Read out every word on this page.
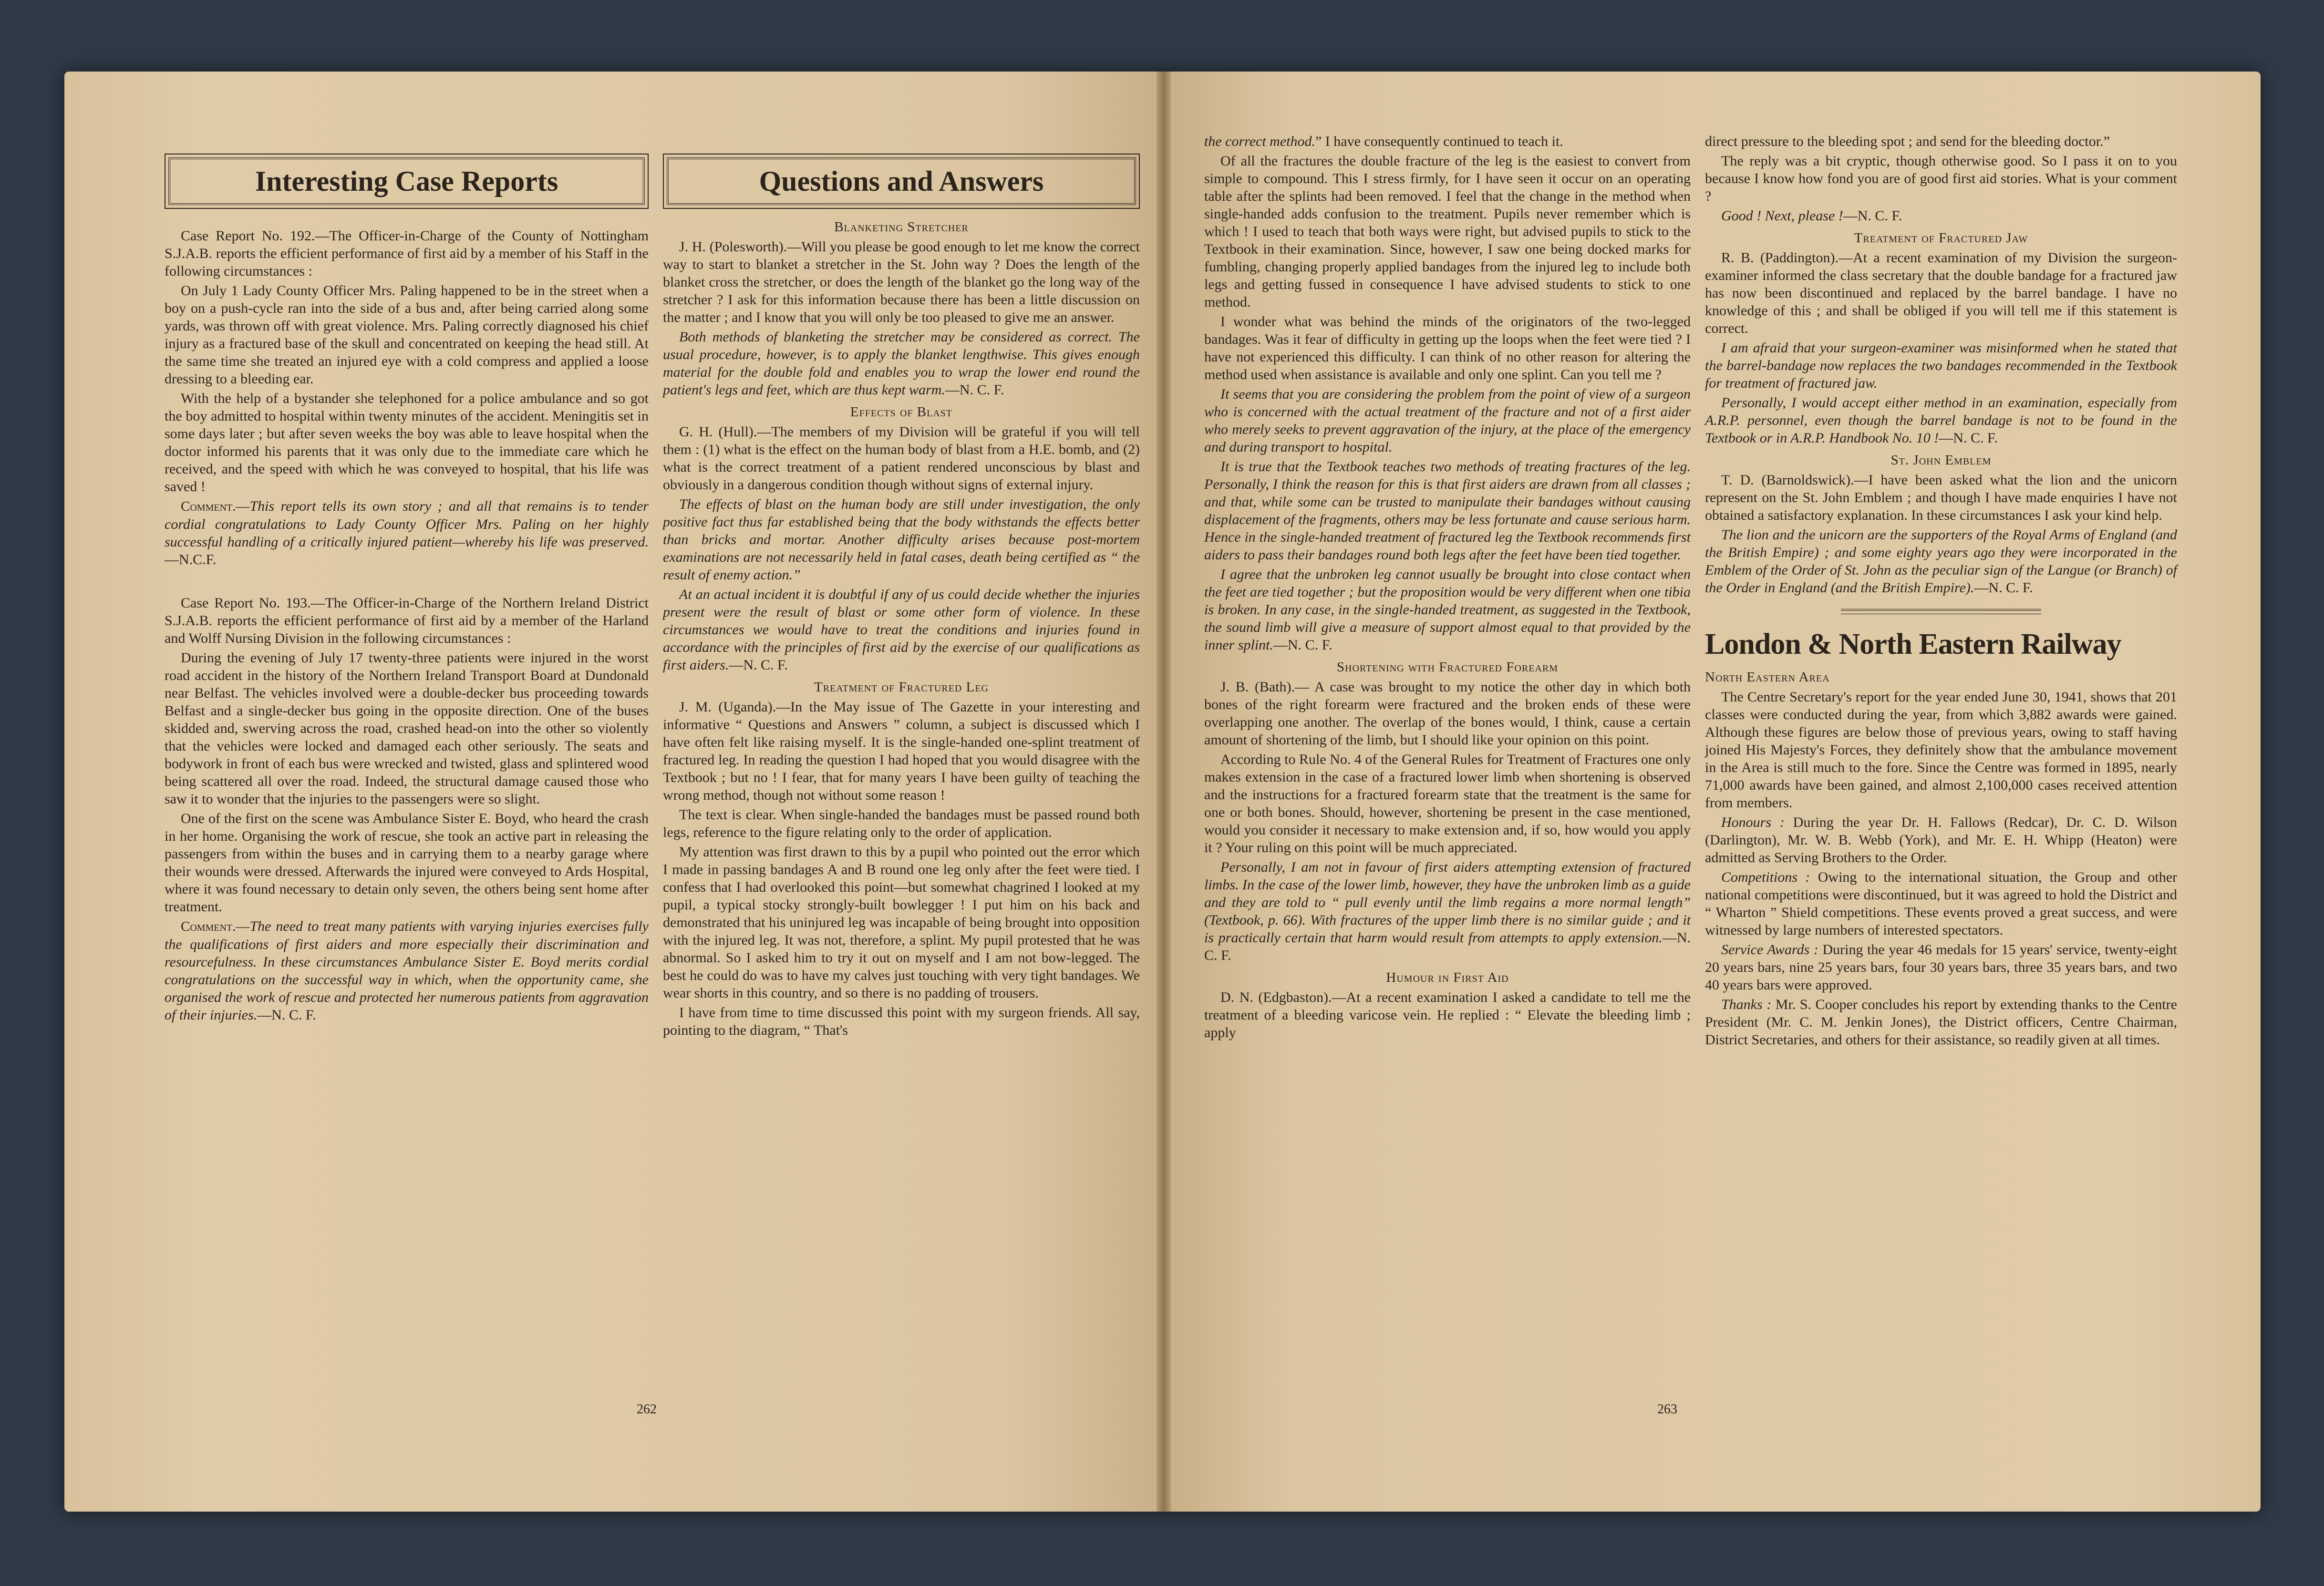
Interesting Case Reports

Case Report No. 192.—The Officer-in-Charge of the County of Nottingham S.J.A.B. reports the efficient performance of first aid by a member of his Staff in the following circumstances :

On July 1 Lady County Officer Mrs. Paling happened to be in the street when a boy on a push-cycle ran into the side of a bus and, after being carried along some yards, was thrown off with great violence. Mrs. Paling correctly diagnosed his chief injury as a fractured base of the skull and concentrated on keeping the head still. At the same time she treated an injured eye with a cold compress and applied a loose dressing to a bleeding ear.

With the help of a bystander she telephoned for a police ambulance and so got the boy admitted to hospital within twenty minutes of the accident. Meningitis set in some days later ; but after seven weeks the boy was able to leave hospital when the doctor informed his parents that it was only due to the immediate care which he received, and the speed with which he was conveyed to hospital, that his life was saved !

Comment.—This report tells its own story ; and all that remains is to tender cordial congratulations to Lady County Officer Mrs. Paling on her highly successful handling of a critically injured patient—whereby his life was preserved.—N.C.F.

Case Report No. 193.—The Officer-in-Charge of the Northern Ireland District S.J.A.B. reports the efficient performance of first aid by a member of the Harland and Wolff Nursing Division in the following circumstances :

During the evening of July 17 twenty-three patients were injured in the worst road accident in the history of the Northern Ireland Transport Board at Dundonald near Belfast. The vehicles involved were a double-decker bus proceeding towards Belfast and a single-decker bus going in the opposite direction. One of the buses skidded and, swerving across the road, crashed head-on into the other so violently that the vehicles were locked and damaged each other seriously. The seats and bodywork in front of each bus were wrecked and twisted, glass and splintered wood being scattered all over the road. Indeed, the structural damage caused those who saw it to wonder that the injuries to the passengers were so slight.

One of the first on the scene was Ambulance Sister E. Boyd, who heard the crash in her home. Organising the work of rescue, she took an active part in releasing the passengers from within the buses and in carrying them to a nearby garage where their wounds were dressed. Afterwards the injured were conveyed to Ards Hospital, where it was found necessary to detain only seven, the others being sent home after treatment.

Comment.—The need to treat many patients with varying injuries exercises fully the qualifications of first aiders and more especially their discrimination and resourcefulness. In these circumstances Ambulance Sister E. Boyd merits cordial congratulations on the successful way in which, when the opportunity came, she organised the work of rescue and protected her numerous patients from aggravation of their injuries.—N. C. F.

Questions and Answers
Blanketing Stretcher

J. H. (Polesworth).—Will you please be good enough to let me know the correct way to start to blanket a stretcher in the St. John way ? Does the length of the blanket cross the stretcher, or does the length of the blanket go the long way of the stretcher ? I ask for this information because there has been a little discussion on the matter ; and I know that you will only be too pleased to give me an answer.

Both methods of blanketing the stretcher may be considered as correct. The usual procedure, however, is to apply the blanket lengthwise. This gives enough material for the double fold and enables you to wrap the lower end round the patient's legs and feet, which are thus kept warm.—N. C. F.

Effects of Blast

G. H. (Hull).—The members of my Division will be grateful if you will tell them : (1) what is the effect on the human body of blast from a H.E. bomb, and (2) what is the correct treatment of a patient rendered unconscious by blast and obviously in a dangerous condition though without signs of external injury.

The effects of blast on the human body are still under investigation, the only positive fact thus far established being that the body withstands the effects better than bricks and mortar. Another difficulty arises because post-mortem examinations are not necessarily held in fatal cases, death being certified as “ the result of enemy action.”

At an actual incident it is doubtful if any of us could decide whether the injuries present were the result of blast or some other form of violence. In these circumstances we would have to treat the conditions and injuries found in accordance with the principles of first aid by the exercise of our qualifications as first aiders.—N. C. F.

Treatment of Fractured Leg

J. M. (Uganda).—In the May issue of The Gazette in your interesting and informative “ Questions and Answers ” column, a subject is discussed which I have often felt like raising myself. It is the single-handed one-splint treatment of fractured leg. In reading the question I had hoped that you would disagree with the Textbook ; but no ! I fear, that for many years I have been guilty of teaching the wrong method, though not without some reason !

The text is clear. When single-handed the bandages must be passed round both legs, reference to the figure relating only to the order of application.

My attention was first drawn to this by a pupil who pointed out the error which I made in passing bandages A and B round one leg only after the feet were tied. I confess that I had overlooked this point—but somewhat chagrined I looked at my pupil, a typical stocky strongly-built bowlegger ! I put him on his back and demonstrated that his uninjured leg was incapable of being brought into opposition with the injured leg. It was not, therefore, a splint. My pupil protested that he was abnormal. So I asked him to try it out on myself and I am not bow-legged. The best he could do was to have my calves just touching with very tight bandages. We wear shorts in this country, and so there is no padding of trousers.

I have from time to time discussed this point with my surgeon friends. All say, pointing to the diagram, “ That's

262

the correct method.” I have consequently continued to teach it.

Of all the fractures the double fracture of the leg is the easiest to convert from simple to compound. This I stress firmly, for I have seen it occur on an operating table after the splints had been removed. I feel that the change in the method when single-handed adds confusion to the treatment. Pupils never remember which is which ! I used to teach that both ways were right, but advised pupils to stick to the Textbook in their examination. Since, however, I saw one being docked marks for fumbling, changing properly applied bandages from the injured leg to include both legs and getting fussed in consequence I have advised students to stick to one method.

I wonder what was behind the minds of the originators of the two-legged bandages. Was it fear of difficulty in getting up the loops when the feet were tied ? I have not experienced this difficulty. I can think of no other reason for altering the method used when assistance is available and only one splint. Can you tell me ?

It seems that you are considering the problem from the point of view of a surgeon who is concerned with the actual treatment of the fracture and not of a first aider who merely seeks to prevent aggravation of the injury, at the place of the emergency and during transport to hospital.

It is true that the Textbook teaches two methods of treating fractures of the leg. Personally, I think the reason for this is that first aiders are drawn from all classes ; and that, while some can be trusted to manipulate their bandages without causing displacement of the fragments, others may be less fortunate and cause serious harm. Hence in the single-handed treatment of fractured leg the Textbook recommends first aiders to pass their bandages round both legs after the feet have been tied together.

I agree that the unbroken leg cannot usually be brought into close contact when the feet are tied together ; but the proposition would be very different when one tibia is broken. In any case, in the single-handed treatment, as suggested in the Textbook, the sound limb will give a measure of support almost equal to that provided by the inner splint.—N. C. F.

Shortening with Fractured Forearm

J. B. (Bath).— A case was brought to my notice the other day in which both bones of the right forearm were fractured and the broken ends of these were overlapping one another. The overlap of the bones would, I think, cause a certain amount of shortening of the limb, but I should like your opinion on this point.

According to Rule No. 4 of the General Rules for Treatment of Fractures one only makes extension in the case of a fractured lower limb when shortening is observed and the instructions for a fractured forearm state that the treatment is the same for one or both bones. Should, however, shortening be present in the case mentioned, would you consider it necessary to make extension and, if so, how would you apply it ? Your ruling on this point will be much appreciated.

Personally, I am not in favour of first aiders attempting extension of fractured limbs. In the case of the lower limb, however, they have the unbroken limb as a guide and they are told to “ pull evenly until the limb regains a more normal length” (Textbook, p. 66). With fractures of the upper limb there is no similar guide ; and it is practically certain that harm would result from attempts to apply extension.—N. C. F.

Humour in First Aid

D. N. (Edgbaston).—At a recent examination I asked a candidate to tell me the treatment of a bleeding varicose vein. He replied : “ Elevate the bleeding limb ; apply

direct pressure to the bleeding spot ; and send for the bleeding doctor.”

The reply was a bit cryptic, though otherwise good. So I pass it on to you because I know how fond you are of good first aid stories. What is your comment ?

Good ! Next, please !—N. C. F.

Treatment of Fractured Jaw

R. B. (Paddington).—At a recent examination of my Division the surgeon-examiner informed the class secretary that the double bandage for a fractured jaw has now been discontinued and replaced by the barrel bandage. I have no knowledge of this ; and shall be obliged if you will tell me if this statement is correct.

I am afraid that your surgeon-examiner was misinformed when he stated that the barrel-bandage now replaces the two bandages recommended in the Textbook for treatment of fractured jaw.

Personally, I would accept either method in an examination, especially from A.R.P. personnel, even though the barrel bandage is not to be found in the Textbook or in A.R.P. Handbook No. 10 !—N. C. F.

St. John Emblem

T. D. (Barnoldswick).—I have been asked what the lion and the unicorn represent on the St. John Emblem ; and though I have made enquiries I have not obtained a satisfactory explanation. In these circumstances I ask your kind help.

The lion and the unicorn are the supporters of the Royal Arms of England (and the British Empire) ; and some eighty years ago they were incorporated in the Emblem of the Order of St. John as the peculiar sign of the Langue (or Branch) of the Order in England (and the British Empire).—N. C. F.

London & North Eastern Railway
North Eastern Area

The Centre Secretary's report for the year ended June 30, 1941, shows that 201 classes were conducted during the year, from which 3,882 awards were gained. Although these figures are below those of previous years, owing to staff having joined His Majesty's Forces, they definitely show that the ambulance movement in the Area is still much to the fore. Since the Centre was formed in 1895, nearly 71,000 awards have been gained, and almost 2,100,000 cases received attention from members.

Honours : During the year Dr. H. Fallows (Redcar), Dr. C. D. Wilson (Darlington), Mr. W. B. Webb (York), and Mr. E. H. Whipp (Heaton) were admitted as Serving Brothers to the Order.

Competitions : Owing to the international situation, the Group and other national competitions were discontinued, but it was agreed to hold the District and “ Wharton ” Shield competitions. These events proved a great success, and were witnessed by large numbers of interested spectators.

Service Awards : During the year 46 medals for 15 years' service, twenty-eight 20 years bars, nine 25 years bars, four 30 years bars, three 35 years bars, and two 40 years bars were approved.

Thanks : Mr. S. Cooper concludes his report by extending thanks to the Centre President (Mr. C. M. Jenkin Jones), the District officers, Centre Chairman, District Secretaries, and others for their assistance, so readily given at all times.

263
